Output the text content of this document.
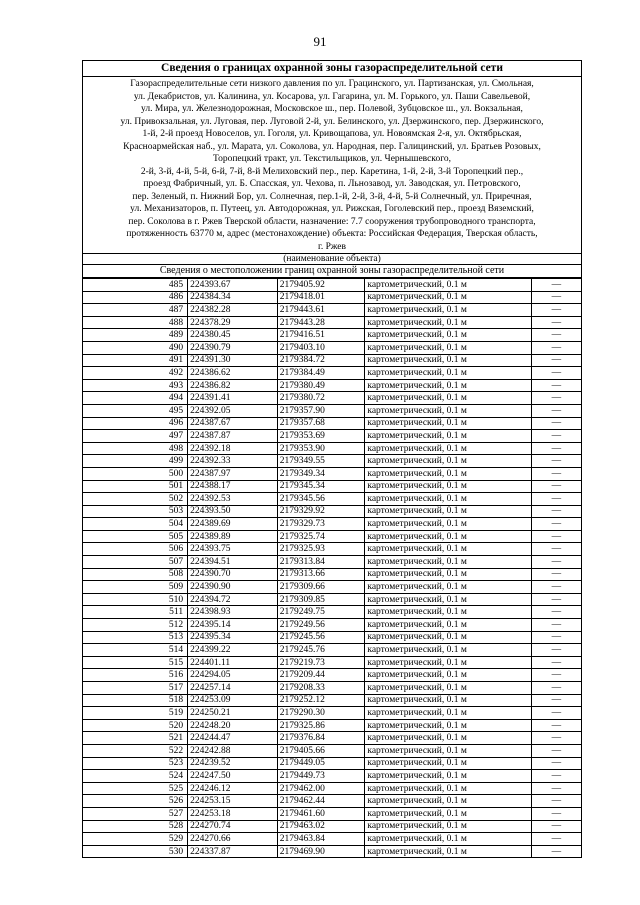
91
Сведения о границах охранной зоны газораспределительной сети
Газораспределительные сети низкого давления по ул. Грацинского, ул. Партизанская, ул. Смольная,
ул. Декабристов, ул. Калинина, ул. Косарова, ул. Гагарина, ул. М. Горького, ул. Паши Савельевой,
ул. Мира, ул. Железнодорожная, Московское ш., пер. Полевой, Зубцовское ш., ул. Вокзальная,
ул. Привокзальная, ул. Луговая, пер. Луговой 2-й, ул. Белинского, ул. Дзержинского, пер. Дзержинского,
1-й, 2-й проезд Новоселов, ул. Гоголя, ул. Кривощапова, ул. Новоямская 2-я, ул. Октябрьская,
Красноармейская наб., ул. Марата, ул. Соколова, ул. Народная, пер. Галицинский, ул. Братьев Розовых,
Торопецкий тракт, ул. Текстильщиков, ул. Чернышевского,
2-й, 3-й, 4-й, 5-й, 6-й, 7-й, 8-й Мелиховский пер., пер. Каретина, 1-й, 2-й, 3-й Торопецкий пер.,
проезд Фабричный, ул. Б. Спасская, ул. Чехова, п. Льнозавод, ул. Заводская, ул. Петровского,
пер. Зеленый, п. Нижний Бор, ул. Солнечная, пер.1-й, 2-й, 3-й, 4-й, 5-й Солнечный, ул. Приречная,
ул. Механизаторов, п. Путеец, ул. Автодорожная, ул. Рижская, Гоголевский пер., проезд Вяземский,
пер. Соколова в г. Ржев Тверской области, назначение: 7.7 сооружения трубопроводного транспорта,
протяженность 63770 м, адрес (местонахождение) объекта: Российская Федерация, Тверская область,
г. Ржев
(наименование объекта)
Сведения о местоположении границ охранной зоны газораспределительной сети
485	224393.67	2179405.92	картометрический, 0.1 м	—
486	224384.34	2179418.01	картометрический, 0.1 м	—
487	224382.28	2179443.61	картометрический, 0.1 м	—
488	224378.29	2179443.28	картометрический, 0.1 м	—
489	224380.45	2179416.51	картометрический, 0.1 м	—
490	224390.79	2179403.10	картометрический, 0.1 м	—
491	224391.30	2179384.72	картометрический, 0.1 м	—
492	224386.62	2179384.49	картометрический, 0.1 м	—
493	224386.82	2179380.49	картометрический, 0.1 м	—
494	224391.41	2179380.72	картометрический, 0.1 м	—
495	224392.05	2179357.90	картометрический, 0.1 м	—
496	224387.67	2179357.68	картометрический, 0.1 м	—
497	224387.87	2179353.69	картометрический, 0.1 м	—
498	224392.18	2179353.90	картометрический, 0.1 м	—
499	224392.33	2179349.55	картометрический, 0.1 м	—
500	224387.97	2179349.34	картометрический, 0.1 м	—
501	224388.17	2179345.34	картометрический, 0.1 м	—
502	224392.53	2179345.56	картометрический, 0.1 м	—
503	224393.50	2179329.92	картометрический, 0.1 м	—
504	224389.69	2179329.73	картометрический, 0.1 м	—
505	224389.89	2179325.74	картометрический, 0.1 м	—
506	224393.75	2179325.93	картометрический, 0.1 м	—
507	224394.51	2179313.84	картометрический, 0.1 м	—
508	224390.70	2179313.66	картометрический, 0.1 м	—
509	224390.90	2179309.66	картометрический, 0.1 м	—
510	224394.72	2179309.85	картометрический, 0.1 м	—
511	224398.93	2179249.75	картометрический, 0.1 м	—
512	224395.14	2179249.56	картометрический, 0.1 м	—
513	224395.34	2179245.56	картометрический, 0.1 м	—
514	224399.22	2179245.76	картометрический, 0.1 м	—
515	224401.11	2179219.73	картометрический, 0.1 м	—
516	224294.05	2179209.44	картометрический, 0.1 м	—
517	224257.14	2179208.33	картометрический, 0.1 м	—
518	224253.09	2179252.12	картометрический, 0.1 м	—
519	224250.21	2179290.30	картометрический, 0.1 м	—
520	224248.20	2179325.86	картометрический, 0.1 м	—
521	224244.47	2179376.84	картометрический, 0.1 м	—
522	224242.88	2179405.66	картометрический, 0.1 м	—
523	224239.52	2179449.05	картометрический, 0.1 м	—
524	224247.50	2179449.73	картометрический, 0.1 м	—
525	224246.12	2179462.00	картометрический, 0.1 м	—
526	224253.15	2179462.44	картометрический, 0.1 м	—
527	224253.18	2179461.60	картометрический, 0.1 м	—
528	224270.74	2179463.02	картометрический, 0.1 м	—
529	224270.66	2179463.84	картометрический, 0.1 м	—
530	224337.87	2179469.90	картометрический, 0.1 м	—
